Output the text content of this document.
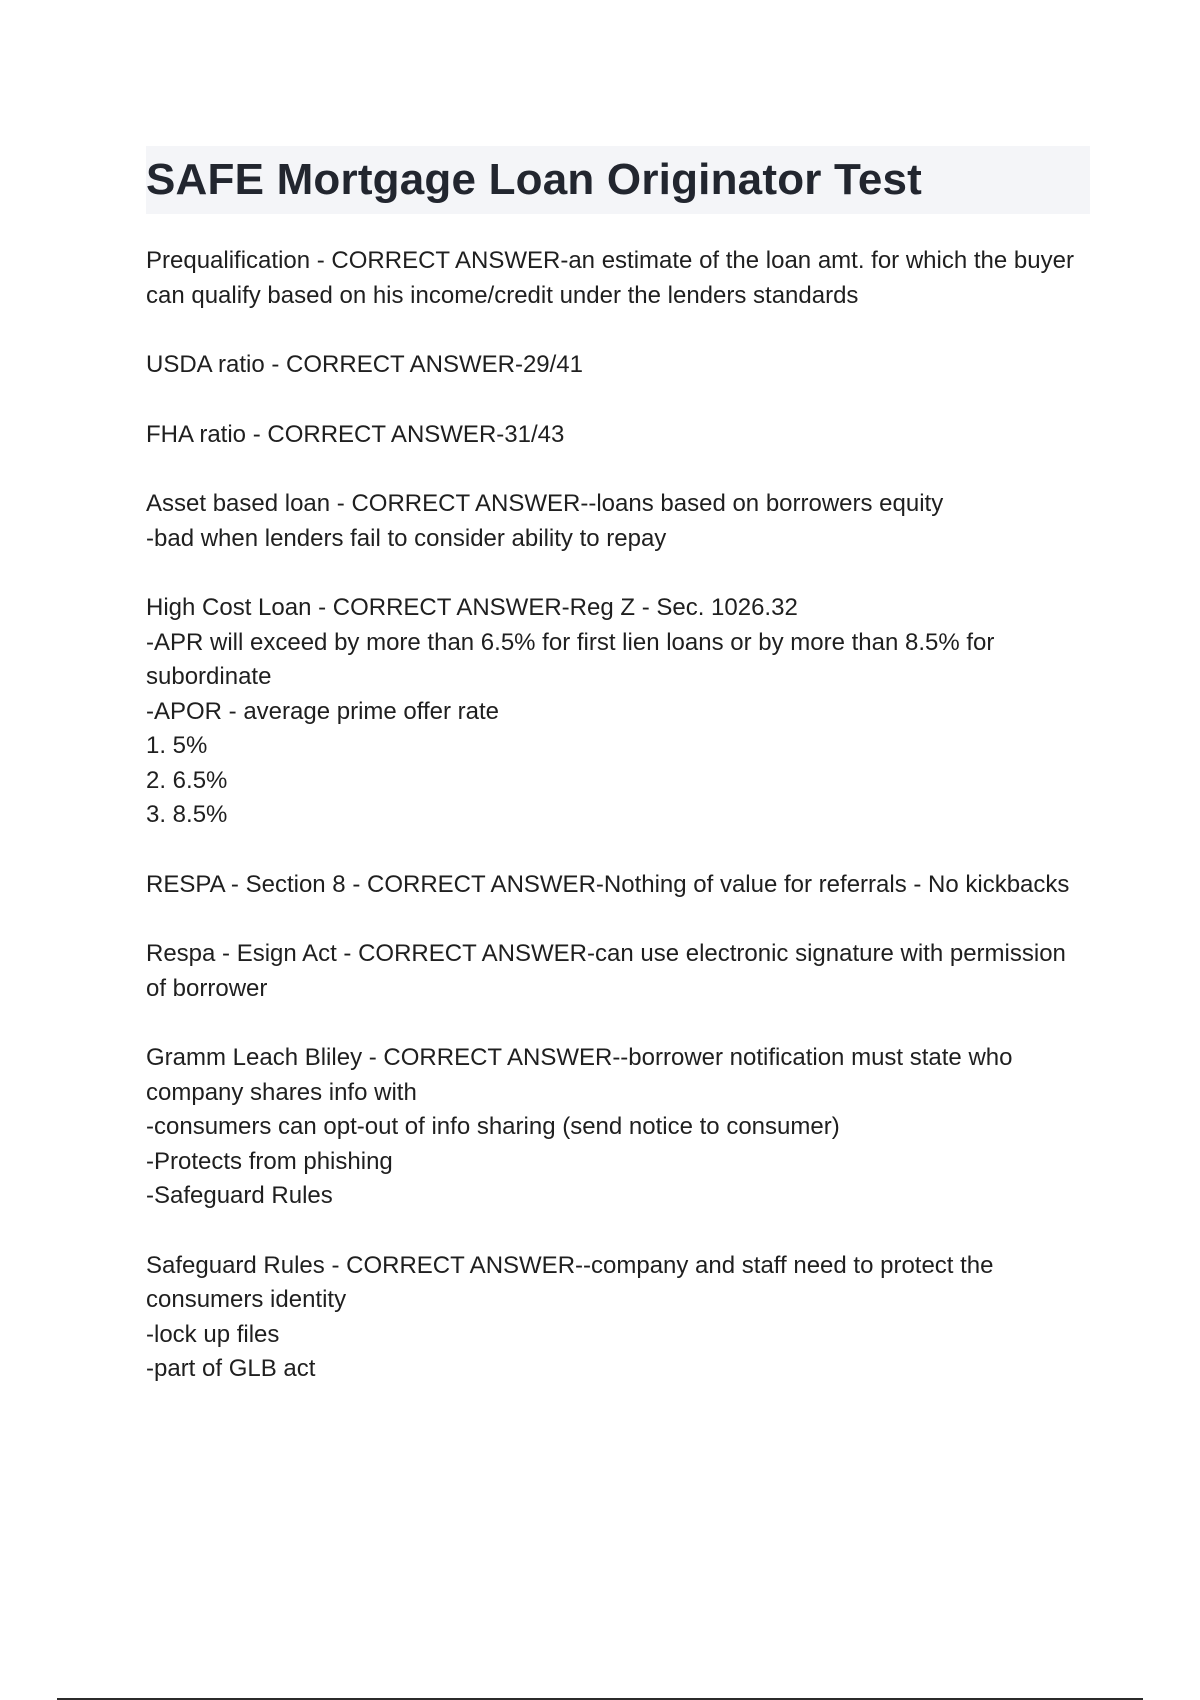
SAFE Mortgage Loan Originator Test
Prequalification - CORRECT ANSWER-an estimate of the loan amt. for which the buyer can qualify based on his income/credit under the lenders standards
USDA ratio - CORRECT ANSWER-29/41
FHA ratio - CORRECT ANSWER-31/43
Asset based loan - CORRECT ANSWER--loans based on borrowers equity
-bad when lenders fail to consider ability to repay
High Cost Loan - CORRECT ANSWER-Reg Z - Sec. 1026.32
-APR will exceed by more than 6.5% for first lien loans or by more than 8.5% for subordinate
-APOR - average prime offer rate
1. 5%
2. 6.5%
3. 8.5%
RESPA - Section 8 - CORRECT ANSWER-Nothing of value for referrals - No kickbacks
Respa - Esign Act - CORRECT ANSWER-can use electronic signature with permission of borrower
Gramm Leach Bliley - CORRECT ANSWER--borrower notification must state who company shares info with
-consumers can opt-out of info sharing (send notice to consumer)
-Protects from phishing
-Safeguard Rules
Safeguard Rules - CORRECT ANSWER--company and staff need to protect the consumers identity
-lock up files
-part of GLB act
